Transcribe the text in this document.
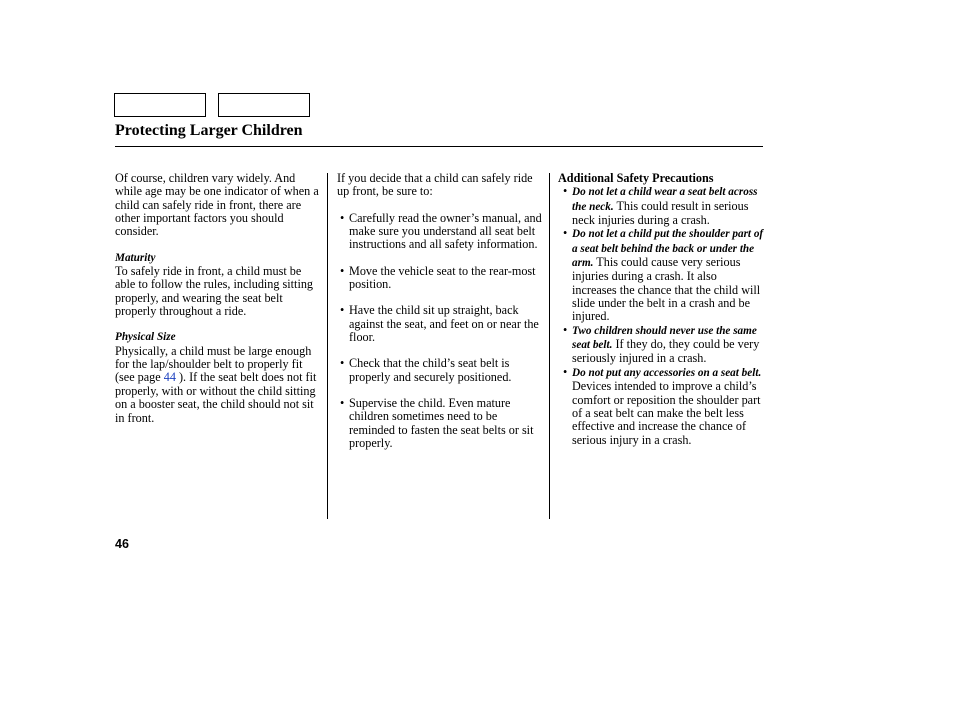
Protecting Larger Children
Of course, children vary widely. And while age may be one indicator of when a child can safely ride in front, there are other important factors you should consider.
Maturity
To safely ride in front, a child must be able to follow the rules, including sitting properly, and wearing the seat belt properly throughout a ride.
Physical Size
Physically, a child must be large enough for the lap/shoulder belt to properly fit (see page 44 ). If the seat belt does not fit properly, with or without the child sitting on a booster seat, the child should not sit in front.
If you decide that a child can safely ride up front, be sure to:
• Carefully read the owner’s manual, and make sure you understand all seat belt instructions and all safety information.
• Move the vehicle seat to the rear-most position.
• Have the child sit up straight, back against the seat, and feet on or near the floor.
• Check that the child’s seat belt is properly and securely positioned.
• Supervise the child. Even mature children sometimes need to be reminded to fasten the seat belts or sit properly.
Additional Safety Precautions
• Do not let a child wear a seat belt across the neck. This could result in serious neck injuries during a crash.
• Do not let a child put the shoulder part of a seat belt behind the back or under the arm. This could cause very serious injuries during a crash. It also increases the chance that the child will slide under the belt in a crash and be injured.
• Two children should never use the same seat belt. If they do, they could be very seriously injured in a crash.
• Do not put any accessories on a seat belt. Devices intended to improve a child’s comfort or reposition the shoulder part of a seat belt can make the belt less effective and increase the chance of serious injury in a crash.
46
